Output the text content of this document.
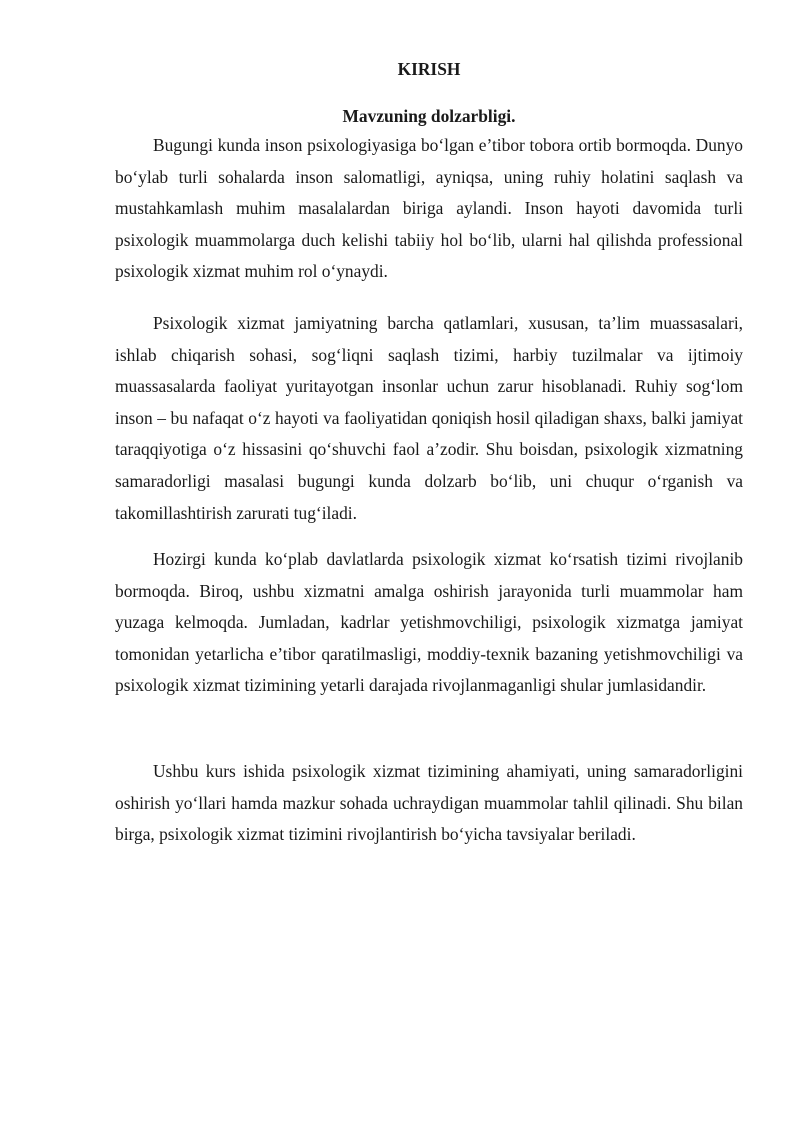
KIRISH
Mavzuning dolzarbligi.

Bugungi kunda inson psixologiyasiga bo‘lgan e’tibor tobora ortib bormoqda. Dunyo bo‘ylab turli sohalarda inson salomatligi, ayniqsa, uning ruhiy holatini saqlash va mustahkamlash muhim masalalardan biriga aylandi. Inson hayoti davomida turli psixologik muammolarga duch kelishi tabiiy hol bo‘lib, ularni hal qilishda professional psixologik xizmat muhim rol o‘ynaydi.

Psixologik xizmat jamiyatning barcha qatlamlari, xususan, ta’lim muassasalari, ishlab chiqarish sohasi, sog‘liqni saqlash tizimi, harbiy tuzilmalar va ijtimoiy muassasalarda faoliyat yuritayotgan insonlar uchun zarur hisoblanadi. Ruhiy sog‘lom inson – bu nafaqat o‘z hayoti va faoliyatidan qoniqish hosil qiladigan shaxs, balki jamiyat taraqqiyotiga o‘z hissasini qo‘shuvchi faol a’zodir. Shu boisdan, psixologik xizmatning samaradorligi masalasi bugungi kunda dolzarb bo‘lib, uni chuqur o‘rganish va takomillashtirish zarurati tug‘iladi.

Hozirgi kunda ko‘plab davlatlarda psixologik xizmat ko‘rsatish tizimi rivojlanib bormoqda. Biroq, ushbu xizmatni amalga oshirish jarayonida turli muammolar ham yuzaga kelmoqda. Jumladan, kadrlar yetishmovchiligi, psixologik xizmatga jamiyat tomonidan yetarlicha e’tibor qaratilmasligi, moddiy-texnik bazaning yetishmovchiligi va psixologik xizmat tizimining yetarli darajada rivojlanmaganligi shular jumlasidandir.

Ushbu kurs ishida psixologik xizmat tizimining ahamiyati, uning samaradorligini oshirish yo‘llari hamda mazkur sohada uchraydigan muammolar tahlil qilinadi. Shu bilan birga, psixologik xizmat tizimini rivojlantirish bo‘yicha tavsiyalar beriladi.
